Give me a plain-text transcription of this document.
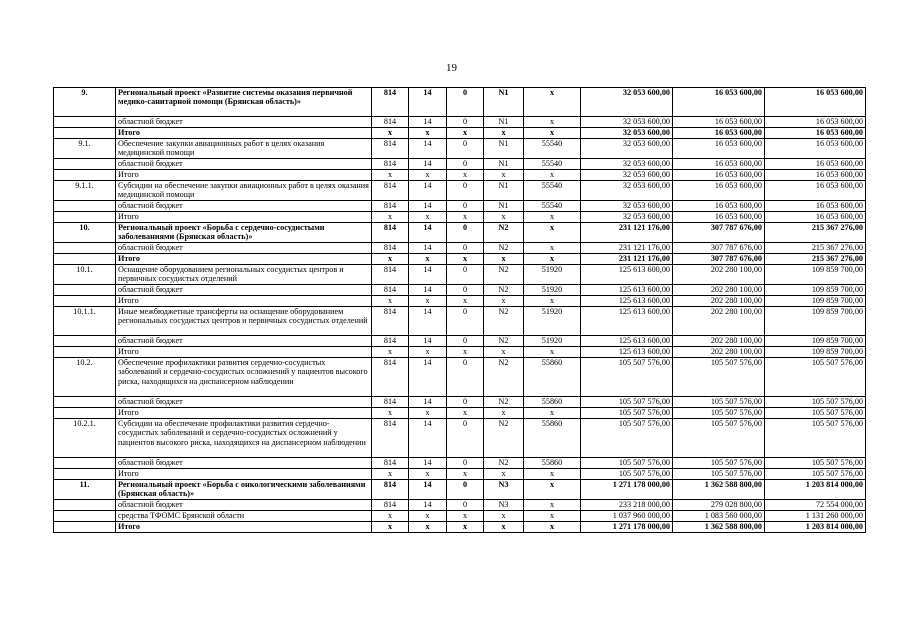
19
9.	Региональный проект «Развитие системы оказания первичной медико-санитарной помощи (Брянская область)»	814	14	0	N1	x	32 053 600,00	16 053 600,00	16 053 600,00
	областной бюджет	814	14	0	N1	x	32 053 600,00	16 053 600,00	16 053 600,00
	Итого	x	x	x	x	x	32 053 600,00	16 053 600,00	16 053 600,00
9.1.	Обеспечение закупки авиационных работ в целях оказания медицинской помощи	814	14	0	N1	55540	32 053 600,00	16 053 600,00	16 053 600,00
	областной бюджет	814	14	0	N1	55540	32 053 600,00	16 053 600,00	16 053 600,00
	Итого	x	x	x	x	x	32 053 600,00	16 053 600,00	16 053 600,00
9.1.1.	Субсидии на обеспечение закупки авиационных работ в целях оказания медицинской помощи	814	14	0	N1	55540	32 053 600,00	16 053 600,00	16 053 600,00
	областной бюджет	814	14	0	N1	55540	32 053 600,00	16 053 600,00	16 053 600,00
	Итого	x	x	x	x	x	32 053 600,00	16 053 600,00	16 053 600,00
10.	Региональный проект «Борьба с сердечно-сосудистыми заболеваниями (Брянская область)»	814	14	0	N2	x	231 121 176,00	307 787 676,00	215 367 276,00
	областной бюджет	814	14	0	N2	x	231 121 176,00	307 787 676,00	215 367 276,00
	Итого	x	x	x	x	x	231 121 176,00	307 787 676,00	215 367 276,00
10.1.	Оснащение оборудованием региональных сосудистых центров и первичных сосудистых отделений	814	14	0	N2	51920	125 613 600,00	202 280 100,00	109 859 700,00
	областной бюджет	814	14	0	N2	51920	125 613 600,00	202 280 100,00	109 859 700,00
	Итого	x	x	x	x	x	125 613 600,00	202 280 100,00	109 859 700,00
10.1.1.	Иные межбюджетные трансферты на оснащение оборудованием региональных сосудистых центров и первичных сосудистых отделений	814	14	0	N2	51920	125 613 600,00	202 280 100,00	109 859 700,00
	областной бюджет	814	14	0	N2	51920	125 613 600,00	202 280 100,00	109 859 700,00
	Итого	x	x	x	x	x	125 613 600,00	202 280 100,00	109 859 700,00
10.2.	Обеспечение профилактики развития сердечно-сосудистых заболеваний и сердечно-сосудистых осложнений у пациентов высокого риска, находящихся на диспансерном наблюдении	814	14	0	N2	55860	105 507 576,00	105 507 576,00	105 507 576,00
	областной бюджет	814	14	0	N2	55860	105 507 576,00	105 507 576,00	105 507 576,00
	Итого	x	x	x	x	x	105 507 576,00	105 507 576,00	105 507 576,00
10.2.1.	Субсидии на обеспечение профилактики развития сердечно-сосудистых заболеваний и сердечно-сосудистых осложнений у пациентов высокого риска, находящихся на диспансерном наблюдении	814	14	0	N2	55860	105 507 576,00	105 507 576,00	105 507 576,00
	областной бюджет	814	14	0	N2	55860	105 507 576,00	105 507 576,00	105 507 576,00
	Итого	x	x	x	x	x	105 507 576,00	105 507 576,00	105 507 576,00
11.	Региональный проект «Борьба с онкологическими заболеваниями (Брянская область)»	814	14	0	N3	x	1 271 178 000,00	1 362 588 800,00	1 203 814 000,00
	областной бюджет	814	14	0	N3	x	233 218 000,00	279 028 800,00	72 554 000,00
	средства ТФОМС Брянской области	x	x	x	x	x	1 037 960 000,00	1 083 560 000,00	1 131 260 000,00
	Итого	x	x	x	x	x	1 271 178 000,00	1 362 588 800,00	1 203 814 000,00
